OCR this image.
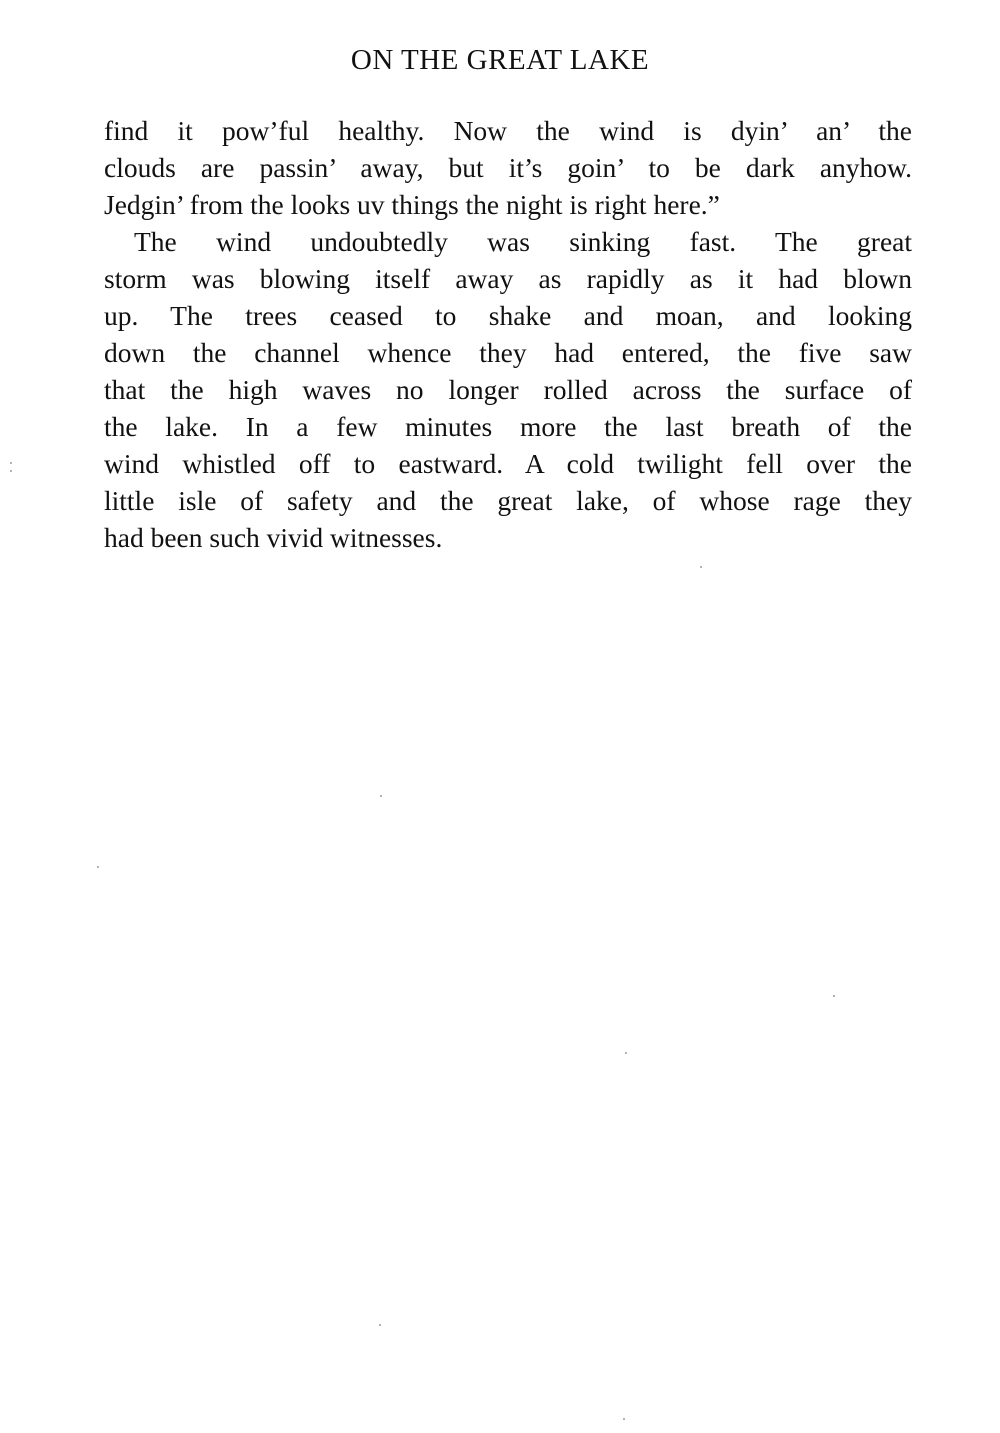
ON THE GREAT LAKE
find it pow’ful healthy. Now the wind is dyin’ an’ the
clouds are passin’ away, but it’s goin’ to be dark anyhow.
Jedgin’ from the looks uv things the night is right here.”
The wind undoubtedly was sinking fast. The great
storm was blowing itself away as rapidly as it had blown
up. The trees ceased to shake and moan, and looking
down the channel whence they had entered, the five saw
that the high waves no longer rolled across the surface of
the lake. In a few minutes more the last breath of the
wind whistled off to eastward. A cold twilight fell over the
little isle of safety and the great lake, of whose rage they
had been such vivid witnesses.
